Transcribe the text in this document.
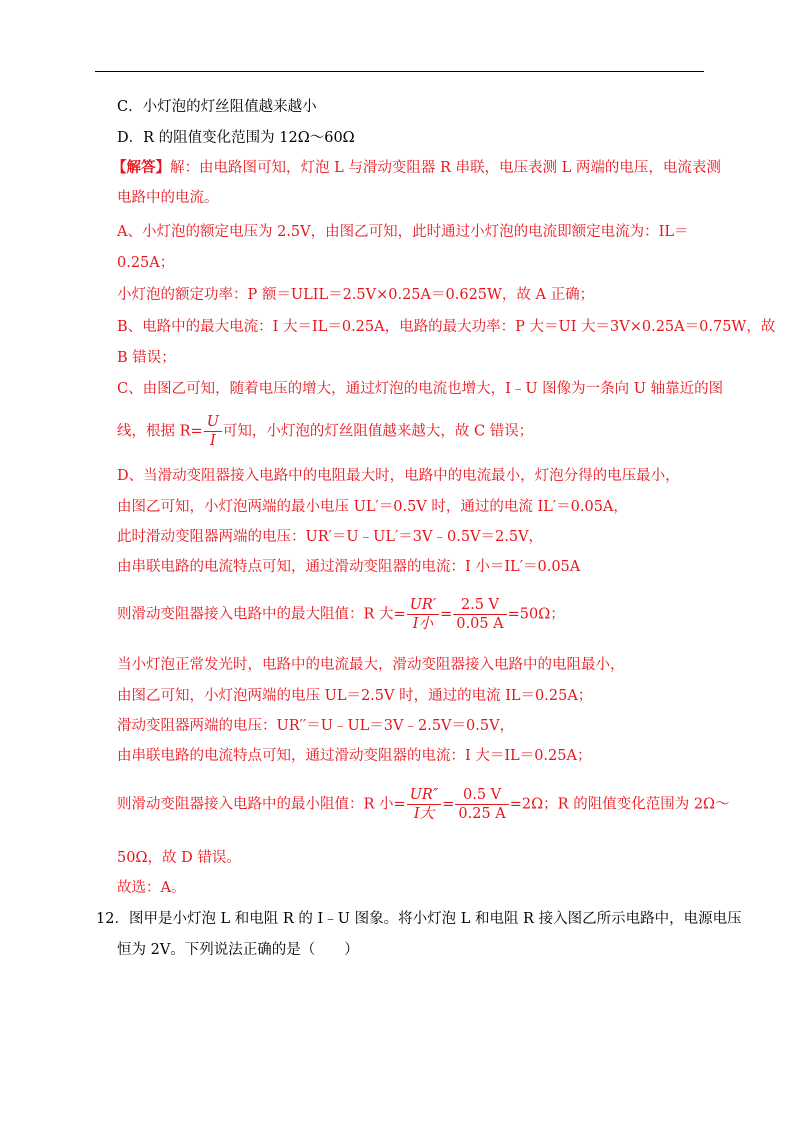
C．小灯泡的灯丝阻值越来越小
D．R 的阻值变化范围为 12Ω～60Ω
【解答】解：由电路图可知，灯泡 L 与滑动变阻器 R 串联，电压表测 L 两端的电压，电流表测
电路中的电流。
A、小灯泡的额定电压为 2.5V，由图乙可知，此时通过小灯泡的电流即额定电流为：IL＝
0.25A；
小灯泡的额定功率：P 额＝ULIL＝2.5V×0.25A＝0.625W，故 A 正确；
B、电路中的最大电流：I 大＝IL＝0.25A，电路的最大功率：P 大＝UI 大＝3V×0.25A＝0.75W，故
B 错误；
C、由图乙可知，随着电压的增大，通过灯泡的电流也增大，I﹣U 图像为一条向 U 轴靠近的图
线，根据 $R= \frac{U}{I}$ 可知，小灯泡的灯丝阻值越来越大，故 C 错误；
D、当滑动变阻器接入电路中的电阻最大时，电路中的电流最小，灯泡分得的电压最小，
由图乙可知，小灯泡两端的最小电压 UL′＝0.5V 时，通过的电流 IL′＝0.05A，
此时滑动变阻器两端的电压：UR′＝U﹣UL′＝3V﹣0.5V＝2.5V，
由串联电路的电流特点可知，通过滑动变阻器的电流：I 小＝IL′＝0.05A
则滑动变阻器接入电路中的最大阻值：R 大= $\frac{UR'}{\text{I小}} = \frac{2.5 V}{0.05 A} =50\Omega$；
当小灯泡正常发光时，电路中的电流最大，滑动变阻器接入电路中的电阻最小，
由图乙可知，小灯泡两端的电压 UL＝2.5V 时，通过的电流 IL＝0.25A；
滑动变阻器两端的电压：UR′′＝U﹣UL＝3V﹣2.5V＝0.5V，
由串联电路的电流特点可知，通过滑动变阻器的电流：I 大＝IL＝0.25A；
则滑动变阻器接入电路中的最小阻值：R 小= $\frac{UR''}{\text{I大}} = \frac{0.5 V}{0.25 A} =2\Omega$；R 的阻值变化范围为 2Ω～
50Ω，故 D 错误。
故选：A。
12．图甲是小灯泡 L 和电阻 R 的 I﹣U 图象。将小灯泡 L 和电阻 R 接入图乙所示电路中，电源电压
恒为 2V。下列说法正确的是（　　）
